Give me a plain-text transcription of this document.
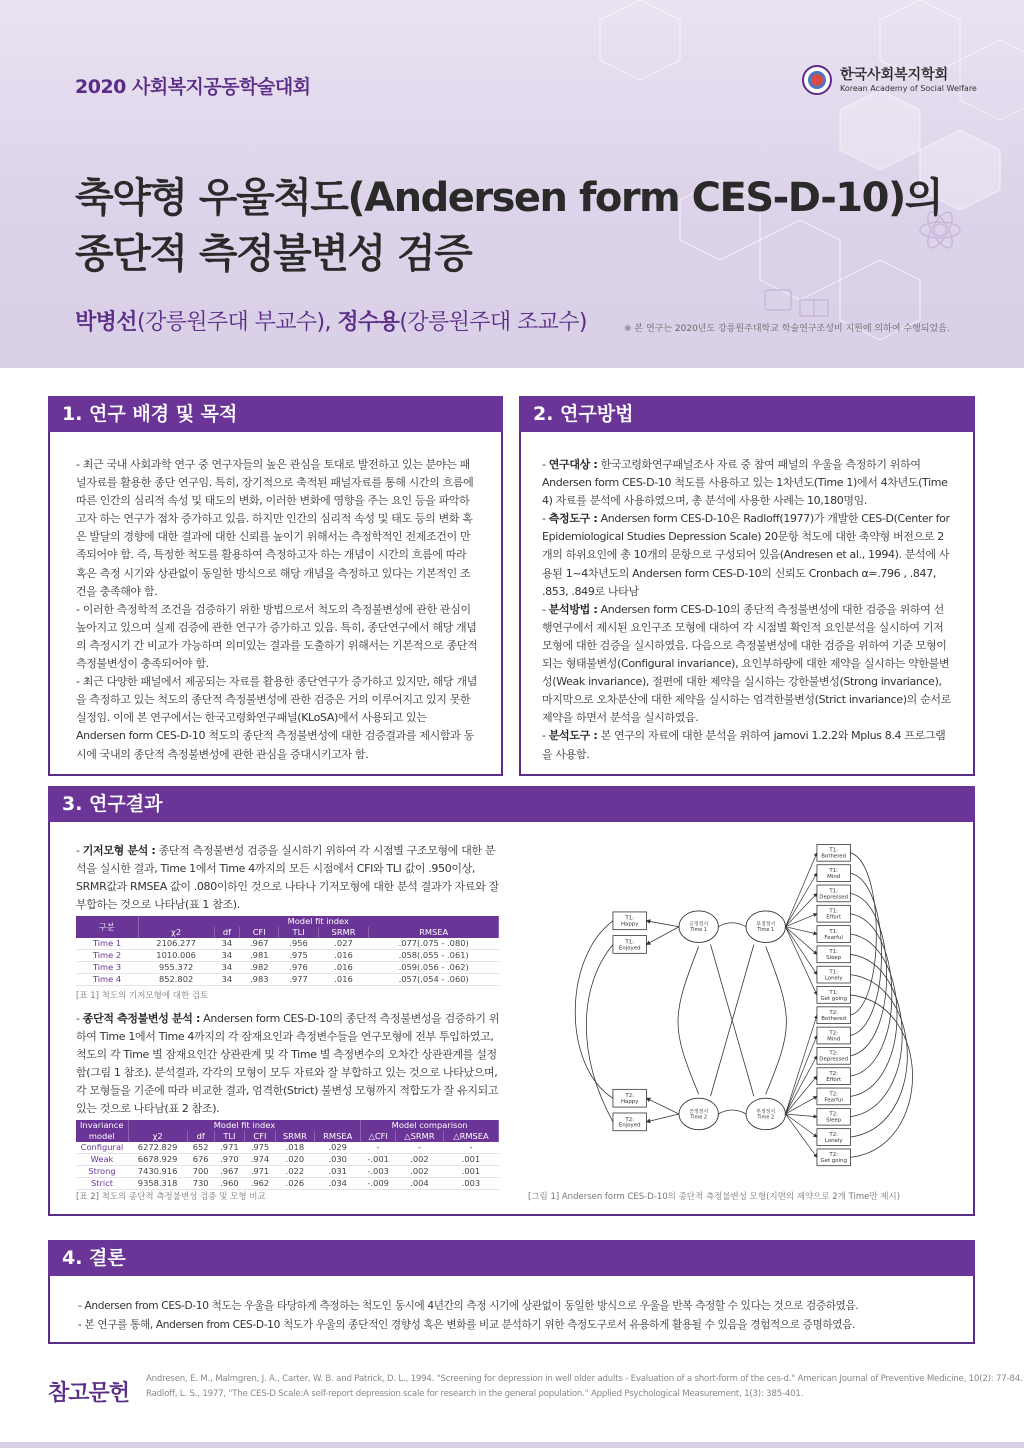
2020 사회복지공동학술대회
한국사회복지학회
Korean Academy of Social Welfare
축약형 우울척도(Andersen form CES-D-10)의
종단적 측정불변성 검증
박병선(강릉원주대 부교수), 정수용(강릉원주대 조교수)	※ 본 연구는 2020년도 강릉원주대학교 학술연구조성비 지원에 의하여 수행되었음.
1. 연구 배경 및 목적

- 최근 국내 사회과학 연구 중 연구자들의 높은 관심을 토대로 발전하고 있는 분야는 패널자료를 활용한 종단 연구임. 특히, 장기적으로 축적된 패널자료를 통해 시간의 흐름에 따른 인간의 심리적 속성 및 태도의 변화, 이러한 변화에 영향을 주는 요인 등을 파악하고자 하는 연구가 점차 증가하고 있음. 하지만 인간의 심리적 속성 및 태도 등의 변화 혹은 발달의 경향에 대한 결과에 대한 신뢰를 높이기 위해서는 측정학적인 전제조건이 만족되어야 함. 즉, 특정한 척도를 활용하여 측정하고자 하는 개념이 시간의 흐름에 따라 혹은 측정 시기와 상관없이 동일한 방식으로 해당 개념을 측정하고 있다는 기본적인 조건을 충족해야 함.

- 이러한 측정학적 조건을 검증하기 위한 방법으로서 척도의 측정불변성에 관한 관심이 높아지고 있으며 실제 검증에 관한 연구가 증가하고 있음. 특히, 종단연구에서 해당 개념의 측정시기 간 비교가 가능하며 의미있는 결과를 도출하기 위해서는 기본적으로 종단적 측정불변성이 충족되어야 함.

- 최근 다양한 패널에서 제공되는 자료를 활용한 종단연구가 증가하고 있지만, 해당 개념을 측정하고 있는 척도의 종단적 측정불변성에 관한 검증은 거의 이루어지고 있지 못한 실정임. 이에 본 연구에서는 한국고령화연구패널(KLoSA)에서 사용되고 있는 Andersen form CES-D-10 척도의 종단적 측정불변성에 대한 검증결과를 제시함과 동시에 국내의 종단적 측정불변성에 관한 관심을 증대시키고자 함.

2. 연구방법

- 연구대상 : 한국고령화연구패널조사 자료 중 참여 패널의 우울을 측정하기 위하여 Andersen form CES-D-10 척도를 사용하고 있는 1차년도(Time 1)에서 4차년도(Time 4) 자료를 분석에 사용하였으며, 총 분석에 사용한 사례는 10,180명임.

- 측정도구 : Andersen form CES-D-10은 Radloff(1977)가 개발한 CES-D(Center for Epidemiological Studies Depression Scale) 20문항 척도에 대한 축약형 버전으로 2개의 하위요인에 총 10개의 문항으로 구성되어 있음(Andresen et al., 1994). 분석에 사용된 1~4차년도의 Andersen form CES-D-10의 신뢰도 Cronbach α=.796 , .847, .853, .849로 나타남

- 분석방법 : Andersen form CES-D-10의 종단적 측정불변성에 대한 검증을 위하여 선행연구에서 제시된 요인구조 모형에 대하여 각 시점별 확인적 요인분석을 실시하여 기저모형에 대한 검증을 실시하였음. 다음으로 측정불변성에 대한 검증을 위하여 기준 모형이 되는 형태불변성(Configural invariance), 요인부하량에 대한 제약을 실시하는 약한불변성(Weak invariance), 절편에 대한 제약을 실시하는 강한불변성(Strong invariance), 마지막으로 오차분산에 대한 제약을 실시하는 엄격한불변성(Strict invariance)의 순서로 제약을 하면서 분석을 실시하였음.

- 분석도구 : 본 연구의 자료에 대한 분석을 위하여 jamovi 1.2.2와 Mplus 8.4 프로그램을 사용함.

3. 연구결과

- 기저모형 분석 : 종단적 측정불변성 검증을 실시하기 위하여 각 시점별 구조모형에 대한 분석을 실시한 결과, Time 1에서 Time 4까지의 모든 시점에서 CFI와 TLI 값이 .950이상, SRMR값과 RMSEA 값이 .080이하인 것으로 나타나 기저모형에 대한 분석 결과가 자료와 잘 부합하는 것으로 나타남(표 1 참조).

구분	Model fit index					
	χ2	df	CFI	TLI	SRMR	RMSEA
Time 1	2106.277	34	.967	.956	.027	.077(.075 - .080)
Time 2	1010.006	34	.981	.975	.016	.058(.055 - .061)
Time 3	955.372	34	.982	.976	.016	.059(.056 - .062)
Time 4	852.802	34	.983	.977	.016	.057(.054 - .060)
[표 1] 척도의 기저모형에 대한 검토

- 종단적 측정불변성 분석 : Andersen form CES-D-10의 종단적 측정불변성을 검증하기 위하여 Time 1에서 Time 4까지의 각 잠재요인과 측정변수들을 연구모형에 전부 투입하였고, 척도의 각 Time 별 잠재요인간 상관관계 및 각 Time 별 측정변수의 오차간 상관관계를 설정함(그림 1 참조). 분석결과, 각각의 모형이 모두 자료와 잘 부합하고 있는 것으로 나타났으며, 각 모형들을 기준에 따라 비교한 결과, 엄격한(Strict) 불변성 모형까지 적합도가 잘 유지되고 있는 것으로 나타남(표 2 참조).

Invariance	Model fit index						Model comparison		
model	χ2	df	TLI	CFI	SRMR	RMSEA	△CFI	△SRMR	△RMSEA
Configural	6272.829	652	.971	.975	.018	.029	-	-	-
Weak	6678.929	676	.970	.974	.020	.030	-.001	.002	.001
Strong	7430.916	700	.967	.971	.022	.031	-.003	.002	.001
Strict	9358.318	730	.960	.962	.026	.034	-.009	.004	.003
[표 2] 척도의 종단적 측정불변성 검증 및 모형 비교
T1: Happy
T1: Enjoyed
T2: Happy
T2: Enjoyed
T1: Bothered
T1: Mind
T1: Depressed
T1: Effort
T1: Fearful
T1: Sleep
T1: Lonely
T1: Get going
T2: Bothered
T2: Mind
T2: Depressed
T2: Effort
T2: Fearful
T2: Sleep
T2: Lonely
T2: Get going
긍정정서 Time 1
부정정서 Time 1
긍정정서 Time 2
부정정서 Time 2
[그림 1] Andersen form CES-D-10의 종단적 측정불변성 모형(지면의 제약으로 2개 Time만 제시)
4. 결론

- Andersen from CES-D-10 척도는 우울을 타당하게 측정하는 척도인 동시에 4년간의 측정 시기에 상관없이 동일한 방식으로 우울을 반복 측정할 수 있다는 것으로 검증하였음.

- 본 연구를 통해, Andersen from CES-D-10 척도가 우울의 종단적인 경향성 혹은 변화를 비교 분석하기 위한 측정도구로서 유용하게 활용될 수 있음을 경험적으로 증명하였음.

참고문헌
Andresen, E. M., Malmgren, J. A., Carter, W. B. and Patrick, D. L., 1994. "Screening for depression in well older adults - Evaluation of a short-form of the ces-d." American Journal of Preventive Medicine, 10(2): 77-84.
Radloff, L. S., 1977, "The CES-D Scale:A self-report depression scale for research in the general population." Applied Psychological Measurement, 1(3): 385-401.
